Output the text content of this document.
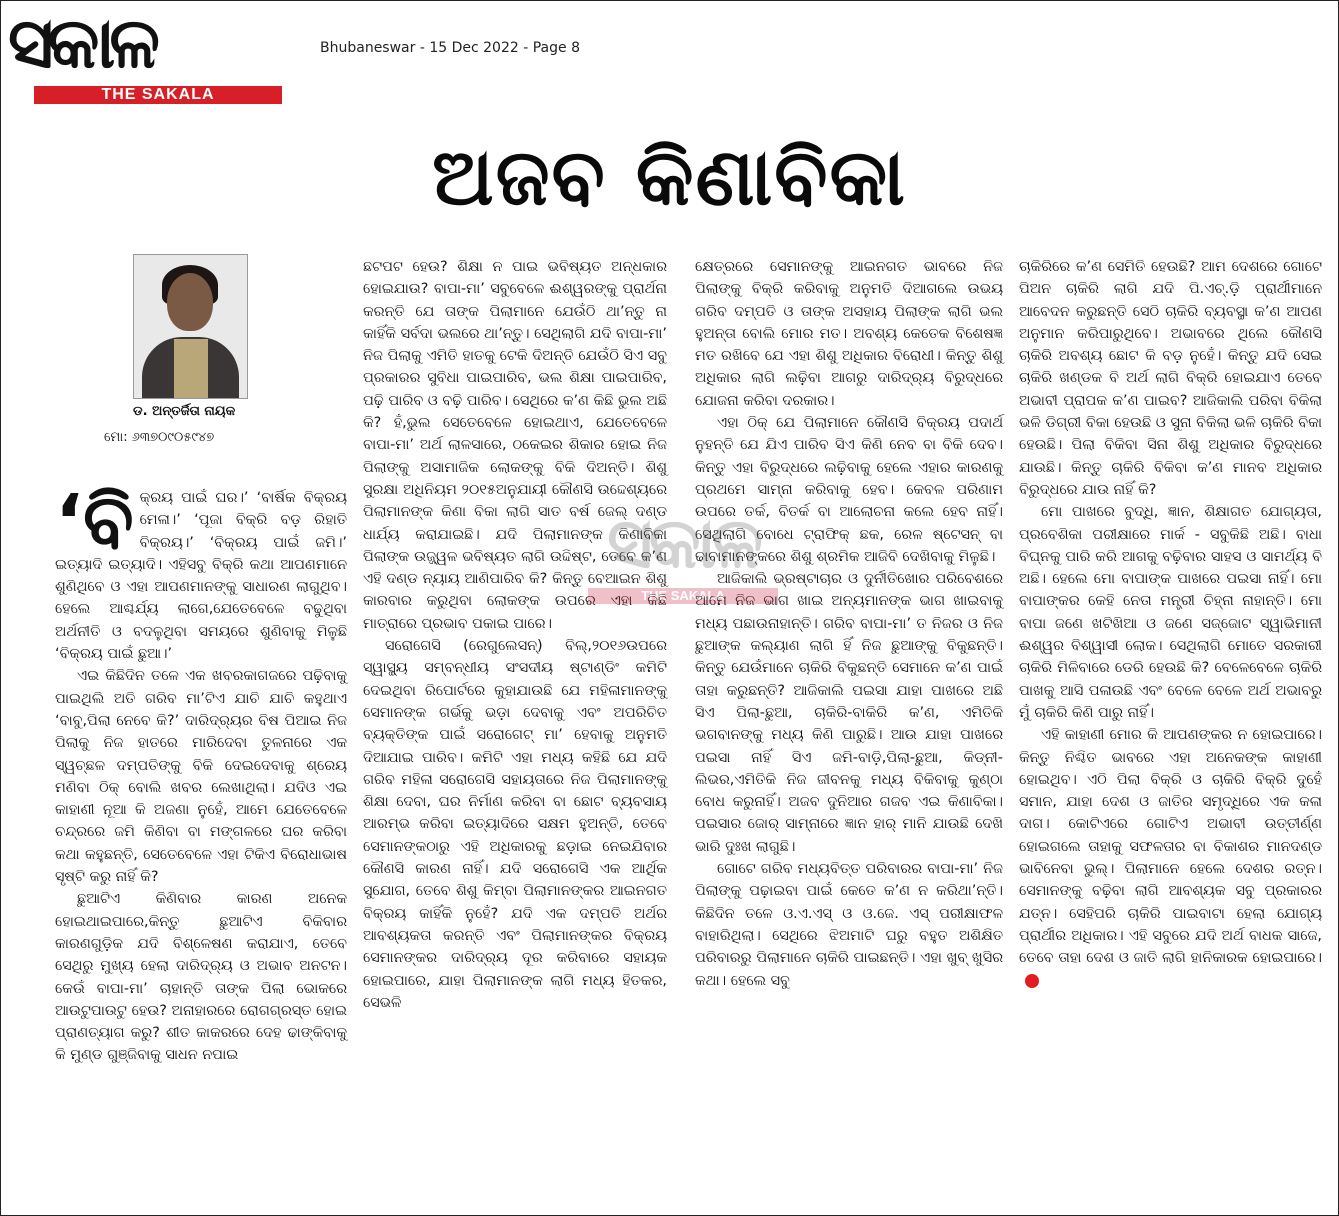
ସକାଳ
THE SAKALA
Bhubaneswar - 15 Dec 2022 - Page 8
ଅଜବ କିଣାବିକା
ଡ. ଅନ୍ତର୍ଜିତା ନାୟକ
ମୋ: ୬୩୭୦୯୦୫୯୪୭

‘ବିକ୍ରୟ ପାଇଁ ଘର।’ ‘ବାର୍ଷିକ ବିକ୍ରୟ ମେଳା।’ ‘ପୂଜା ବିକ୍ରି ବଡ଼ ରିହାତି ବିକ୍ରୟ।’ ‘ବିକ୍ରୟ ପାଇଁ ଜମି।’ ଇତ୍ୟାଦି ଇତ୍ୟାଦି। ଏହିସବୁ ବିକ୍ରି କଥା ଆପଣମାନେ ଶୁଣିଥିବେ ଓ ଏହା ଆପଣମାନଙ୍କୁ ସାଧାରଣ ଲାଗୁଥିବ। ହେଲେ ଆଶ୍ଚର୍ଯ୍ୟ ଲାଗେ,ଯେତେବେଳେ ବଢୁଥିବା ଅର୍ଥନୀତି ଓ ବଦଳୁଥିବା ସମୟରେ ଶୁଣିବାକୁ ମିଳୁଛି ‘ବିକ୍ରୟ ପାଇଁ ଛୁଆ।’

ଏଇ କିଛିଦିନ ତଳେ ଏକ ଖବରକାଗଜରେ ପଢ଼ିବାକୁ ପାଇଥିଲି ଅତି ଗରିବ ମା’ଟିଏ ଯାଚି ଯାଚି କହୁଥାଏ ‘ବାବୁ,ପିଲା ନେବେ କି?’ ଦାରିଦ୍ର୍ୟର ବିଷ ପିଆଇ ନିଜ ପିଲାକୁ ନିଜ ହାତରେ ମାରିଦେବା ତୁଳନାରେ ଏକ ସ୍ୱଚ୍ଛଳ ଦମ୍ପତିଙ୍କୁ ବିକି ଦେଇଦେବାକୁ ଶ୍ରେୟ ମଣିବା ଠିକ୍ ବୋଲି ଖବର ଲେଖାଥିଲା। ଯଦିଓ ଏଇ କାହାଣୀ ନୂଆ କି ଅଜଣା ନୁହେଁ, ଆମେ ଯେତେବେଳେ ଚନ୍ଦ୍ରରେ ଜମି କିଣିବା ବା ମଙ୍ଗଳରେ ଘର କରିବା କଥା କହୁଛନ୍ତି, ସେତେବେଳେ ଏହା ଟିକିଏ ବିରୋଧାଭାଷ ସୃଷ୍ଟି କରୁ ନାହିଁ କି?

ଛୁଆଟିଏ କିଣିବାର କାରଣ ଅନେକ ହୋଇଥାଇପାରେ,କିନ୍ତୁ ଛୁଆଟିଏ ବିକିବାର କାରଣଗୁଡ଼ିକ ଯଦି ବିଶ୍ଳେଷଣ କରାଯାଏ, ତେବେ ସେଥିରୁ ମୁଖ୍ୟ ହେଲା ଦାରିଦ୍ର୍ୟ ଓ ଅଭାବ ଅନଟନ। କେଉଁ ବାପା-ମା’ ଚାହାନ୍ତି ତାଙ୍କ ପିଲା ଭୋକରେ ଆଉଟୁପାଉଟୁ ହେଉ? ଅନାହାରରେ ରୋଗଗ୍ରସ୍ତ ହୋଇ ପ୍ରାଣତ୍ୟାଗ କରୁ? ଶୀତ କାକରରେ ଦେହ ଢାଙ୍କିବାକୁ କି ମୁଣ୍ଡ ଗୁଞ୍ଜିବାକୁ ସାଧନ ନପାଇ

ଛଟପଟ ହେଉ? ଶିକ୍ଷା ନ ପାଇ ଭବିଷ୍ୟତ ଅନ୍ଧକାର ହୋଇଯାଉ? ବାପା-ମା’ ସବୁବେଳେ ଈଶ୍ୱରଙ୍କୁ ପ୍ରାର୍ଥନା କରନ୍ତି ଯେ ତାଙ୍କ ପିଲାମାନେ ଯେଉଁଠି ଥା’ନ୍ତୁ ନା କାହିଁକି ସର୍ବଦା ଭଲରେ ଥା’ନ୍ତୁ। ସେଥିଲାଗି ଯଦି ବାପା-ମା’ ନିଜ ପିଲାକୁ ଏମିତି ହାତକୁ ଟେକି ଦିଅନ୍ତି ଯେଉଁଠି ସିଏ ସବୁ ପ୍ରକାରର ସୁବିଧା ପାଇପାରିବ, ଭଲ ଶିକ୍ଷା ପାଇପାରିବ, ପଢ଼ି ପାରିବ ଓ ବଢ଼ି ପାରିବ। ସେଥିରେ କ’ଣ କିଛି ଭୁଲ ଅଛି କି? ହଁ,ଭୁଲ ସେତେବେଳେ ହୋଇଥାଏ, ଯେତେବେଳେ ବାପା-ମା’ ଅର୍ଥ ଲାଳସାରେ, ଠକେଇର ଶିକାର ହୋଇ ନିଜ ପିଲାଙ୍କୁ ଅସାମାଜିକ ଲୋକଙ୍କୁ ବିକି ଦିଅନ୍ତି। ଶିଶୁ ସୁରକ୍ଷା ଅଧିନିୟମ ୨୦୧୫ଅନୁଯାୟୀ କୌଣସି ଉଦ୍ଦେଶ୍ୟରେ ପିଲାମାନଙ୍କ କିଣା ବିକା ଲାଗି ସାତ ବର୍ଷ ଜେଲ୍ ଦଣ୍ଡ ଧାର୍ଯ୍ୟ କରାଯାଇଛି। ଯଦି ପିଲାମାନଙ୍କ କିଣାବିକା ପିଲାଙ୍କ ଉଜ୍ଜ୍ୱଳ ଭବିଷ୍ୟତ ଲାଗି ଉଦ୍ଦିଷ୍ଟ, ତେବେ କ’ଣ ଏହି ଦଣ୍ଡ ନ୍ୟାୟ ଆଣିପାରିବ କି? କିନ୍ତୁ ବେଆଇନ ଶିଶୁ କାରବାର କରୁଥିବା ଲୋକଙ୍କ ଉପରେ ଏହା କିଛି ମାତ୍ରାରେ ପ୍ରଭାବ ପକାଇ ପାରେ।

ସରୋଗେସି (ରେଗୁଲେସନ୍) ବିଲ୍,୨୦୧୬ଉପରେ ସ୍ୱାସ୍ଥ୍ୟ ସମ୍ବନ୍ଧୀୟ ସଂସଦୀୟ ଷ୍ଟାଣ୍ଡିଂ କମିଟି ଦେଇଥିବା ରିପୋର୍ଟରେ କୁହାଯାଉଛି ଯେ ମହିଳାମାନଙ୍କୁ ସେମାନଙ୍କ ଗର୍ଭକୁ ଭଡ଼ା ଦେବାକୁ ଏବଂ ଅପରିଚିତ ବ୍ୟକ୍ତିଙ୍କ ପାଇଁ ସରୋଗେଟ୍ ମା’ ହେବାକୁ ଅନୁମତି ଦିଆଯାଇ ପାରିବ। କମିଟି ଏହା ମଧ୍ୟ କହିଛି ଯେ ଯଦି ଗରିବ ମହିଳା ସରୋଗେସି ସହାୟତାରେ ନିଜ ପିଲାମାନଙ୍କୁ ଶିକ୍ଷା ଦେବା, ଘର ନିର୍ମାଣ କରିବା ବା ଛୋଟ ବ୍ୟବସାୟ ଆରମ୍ଭ କରିବା ଇତ୍ୟାଦିରେ ସକ୍ଷମ ହୁଅନ୍ତି, ତେବେ ସେମାନଙ୍କଠାରୁ ଏହି ଅଧିକାରକୁ ଛଡ଼ାଇ ନେଇଯିବାର କୌଣସି କାରଣ ନାହିଁ। ଯଦି ସରୋଗେସି ଏକ ଆର୍ଥିକ ସୁଯୋଗ, ତେବେ ଶିଶୁ କିମ୍ବା ପିଲାମାନଙ୍କର ଆଇନଗତ ବିକ୍ରୟ କାହିଁକି ନୁହେଁ? ଯଦି ଏକ ଦମ୍ପତି ଅର୍ଥର ଆବଶ୍ୟକତା କରନ୍ତି ଏବଂ ପିଲାମାନଙ୍କର ବିକ୍ରୟ ସେମାନଙ୍କର ଦାରିଦ୍ର୍ୟ ଦୂର କରିବାରେ ସହାୟକ ହୋଇପାରେ, ଯାହା ପିଲାମାନଙ୍କ ଲାଗି ମଧ୍ୟ ହିତକର, ସେଭଳି

କ୍ଷେତ୍ରରେ ସେମାନଙ୍କୁ ଆଇନଗତ ଭାବରେ ନିଜ ପିଲାଙ୍କୁ ବିକ୍ରି କରିବାକୁ ଅନୁମତି ଦିଆଗଲେ ଉଭୟ ଗରିବ ଦମ୍ପତି ଓ ତାଙ୍କ ଅସହାୟ ପିଲାଙ୍କ ଲାଗି ଭଲ ହୁଅନ୍ତା ବୋଲି ମୋର ମତ। ଅବଶ୍ୟ କେତେକ ବିଶେଷଜ୍ଞ ମତ ରଖିବେ ଯେ ଏହା ଶିଶୁ ଅଧିକାର ବିରୋଧୀ। କିନ୍ତୁ ଶିଶୁ ଅଧିକାର ଲାଗି ଲଢ଼ିବା ଆଗରୁ ଦାରିଦ୍ର୍ୟ ବିରୁଦ୍ଧରେ ଯୋଜନା କରିବା ଦରକାର।

ଏହା ଠିକ୍ ଯେ ପିଲାମାନେ କୌଣସି ବିକ୍ରୟ ପଦାର୍ଥ ନୁହନ୍ତି ଯେ ଯିଏ ପାରିବ ସିଏ କିଣି ନେବ ବା ବିକି ଦେବ। କିନ୍ତୁ ଏହା ବିରୁଦ୍ଧରେ ଲଢ଼ିବାକୁ ହେଲେ ଏହାର କାରଣକୁ ପ୍ରଥମେ ସାମ୍ନା କରିବାକୁ ହେବ। କେବଳ ପରିଣାମ ଉପରେ ତର୍କ, ବିତର୍କ ବା ଆଲୋଚନା କଲେ ହେବ ନାହିଁ। ସେଥିଲାଗି ବୋଧେ ଟ୍ରାଫିକ୍ ଛକ, ରେଳ ଷ୍ଟେସନ୍ ବା ଢାବାମାନଙ୍କରେ ଶିଶୁ ଶ୍ରମିକ ଆଜିବି ଦେଖିବାକୁ ମିଳୁଛି।

ଆଜିକାଲି ଭ୍ରଷ୍ଟାଚାର ଓ ଦୁର୍ନୀତିଖୋର ପରିବେଶରେ ଆମେ ନିଜ ଭାଗ ଖାଇ ଅନ୍ୟମାନଙ୍କ ଭାଗ ଖାଇବାକୁ ମଧ୍ୟ ପଛାଉନାହାନ୍ତି। ଗରିବ ବାପା-ମା’ ତ ନିଜର ଓ ନିଜ ଛୁଆଙ୍କ କଲ୍ୟାଣ ଲାଗି ହିଁ ନିଜ ଛୁଆଙ୍କୁ ବିକୁଛନ୍ତି। କିନ୍ତୁ ଯେଉଁମାନେ ଚାକିରି ବିକୁଛନ୍ତି ସେମାନେ କ’ଣ ପାଇଁ ତାହା କରୁଛନ୍ତି? ଆଜିକାଲି ପଇସା ଯାହା ପାଖରେ ଅଛି ସିଏ ପିଲା-ଛୁଆ, ଚାକିରି-ବାକିରି କ’ଣ, ଏମିତିକି ଭଗବାନଙ୍କୁ ମଧ୍ୟ କିଣି ପାରୁଛି। ଆଉ ଯାହା ପାଖରେ ପଇସା ନାହିଁ ସିଏ ଜମି-ବାଡ଼ି,ପିଲା-ଛୁଆ, କିଡ୍‌ନୀ-ଲିଭର,ଏମିତିକି ନିଜ ଜୀବନକୁ ମଧ୍ୟ ବିକିବାକୁ କୁଣ୍ଠା ବୋଧ କରୁନାହିଁ। ଅଜବ ଦୁନିଆର ଗଜବ ଏଇ କିଣାବିକା। ପଇସାର ଜୋର୍ ସାମ୍ନାରେ ଜ୍ଞାନ ହାର୍ ମାନି ଯାଉଛି ଦେଖି ଭାରି ଦୁଃଖ ଲାଗୁଛି।

ଗୋଟେ ଗରିବ ମଧ୍ୟବିତ୍ତ ପରିବାରର ବାପା-ମା’ ନିଜ ପିଲାଙ୍କୁ ପଢ଼ାଇବା ପାଇଁ କେତେ କ’ଣ ନ କରିଥା’ନ୍ତି। କିଛିଦିନ ତଳେ ଓ.ଏ.ଏସ୍ ଓ ଓ.ଜେ. ଏସ୍ ପରୀକ୍ଷାଫଳ ବାହାରିଥିଲା। ସେଥିରେ ଝିଅମାଟି ଘରୁ ବହୁତ ଅଶିକ୍ଷିତ ପରିବାରରୁ ପିଲାମାନେ ଚାକିରି ପାଇଛନ୍ତି। ଏହା ଖୁବ୍ ଖୁସିର କଥା। ହେଲେ ସବୁ

ଚାକିରିରେ କ’ଣ ସେମିତି ହେଉଛି? ଆମ ଦେଶରେ ଗୋଟେ ପିଅନ ଚାକିରି ଲାଗି ଯଦି ପି.ଏଚ୍.ଡ଼ି ପ୍ରାର୍ଥୀମାନେ ଆବେଦନ କରୁଛନ୍ତି ସେଠି ଚାକିରି ବ୍ୟବସ୍ଥା କ’ଣ ଆପଣ ଅନୁମାନ କରିପାରୁଥିବେ। ଅଭାବରେ ଥିଲେ କୌଣସି ଚାକିରି ଅବଶ୍ୟ ଛୋଟ କି ବଡ଼ ନୁହେଁ। କିନ୍ତୁ ଯଦି ସେଇ ଚାକିରି ଖଣ୍ଡକ ବି ଅର୍ଥ ଲାଗି ବିକ୍ରି ହୋଇଯାଏ ତେବେ ଅଭାବୀ ପ୍ରାପକ କ’ଣ ପାଇବ? ଆଜିକାଲି ପରିବା ବିକିଲା ଭଳି ଡିଗ୍ରୀ ବିକା ହେଉଛି ଓ ସୁନା ବିକିଲା ଭଳି ଚାକିରି ବିକା ହେଉଛି। ପିଲା ବିକିବା ସିନା ଶିଶୁ ଅଧିକାର ବିରୁଦ୍ଧରେ ଯାଉଛି। କିନ୍ତୁ ଚାକିରି ବିକିବା କ’ଣ ମାନବ ଅଧିକାର ବିରୁଦ୍ଧରେ ଯାଉ ନାହିଁ କି?

ମୋ ପାଖରେ ବୁଦ୍ଧି, ଜ୍ଞାନ, ଶିକ୍ଷାଗତ ଯୋଗ୍ୟତା, ପ୍ରବେଶିକା ପରୀକ୍ଷାରେ ମାର୍କ - ସବୁକିଛି ଅଛି। ବାଧା ବିଘ୍ନକୁ ପାରି କରି ଆଗକୁ ବଢ଼ିବାର ସାହସ ଓ ସାମର୍ଥ୍ୟ ବି ଅଛି। ହେଲେ ମୋ ବାପାଙ୍କ ପାଖରେ ପଇସା ନାହିଁ। ମୋ ବାପାଙ୍କର କେହି ନେତା ମନ୍ତ୍ରୀ ଚିହ୍ନା ନାହାନ୍ତି। ମୋ ବାପା ଜଣେ ଖଟିଖିଆ ଓ ଜଣେ ସଜ୍ଜୋଟ ସ୍ୱାଭିମାନୀ ଈଶ୍ୱର ବିଶ୍ୱାସୀ ଲୋକ। ସେଥିଲାଗି ମୋତେ ସରକାରୀ ଚାକିରି ମିଳିବାରେ ଡେରି ହେଉଛି କି? ବେଳେବେଳେ ଚାକିରି ପାଖକୁ ଆସି ପଳାଉଛି ଏବଂ ବେଳେ ବେଳେ ଅର୍ଥ ଅଭାବରୁ ମୁଁ ଚାକିରି କିଣି ପାରୁ ନାହିଁ।

ଏହି କାହାଣୀ ମୋର କି ଆପଣଙ୍କର ନ ହୋଇପାରେ। କିନ୍ତୁ ନିଶ୍ଚିତ ଭାବରେ ଏହା ଅନେକଙ୍କ କାହାଣୀ ହୋଇଥିବ। ଏଠି ପିଲା ବିକ୍ରି ଓ ଚାକିରି ବିକ୍ରି ଦୁହେଁ ସମାନ, ଯାହା ଦେଶ ଓ ଜାତିର ସମୃଦ୍ଧିରେ ଏକ କଳା ଦାଗ। କୋଟିଏରେ ଗୋଟିଏ ଅଭାବୀ ଉତ୍ତୀର୍ଣ୍ଣ ହୋଇଗଲେ ତାହାକୁ ସଫଳତାର ବା ବିକାଶର ମାନଦଣ୍ଡ ଭାବିନେବା ଭୁଲ୍। ପିଲାମାନେ ହେଲେ ଦେଶର ରତ୍ନ। ସେମାନଙ୍କୁ ବଢ଼ିବା ଲାଗି ଆବଶ୍ୟକ ସବୁ ପ୍ରକାରର ଯତ୍ନ। ସେହିପରି ଚାକିରି ପାଇବାଟା ହେଲା ଯୋଗ୍ୟ ପ୍ରାର୍ଥୀର ଅଧିକାର। ଏହି ସବୁରେ ଯଦି ଅର୍ଥ ବାଧକ ସାଜେ, ତେବେ ତାହା ଦେଶ ଓ ଜାତି ଲାଗି ହାନିକାରକ ହୋଇପାରେ।

ସକାଳ
THE SAKALA
